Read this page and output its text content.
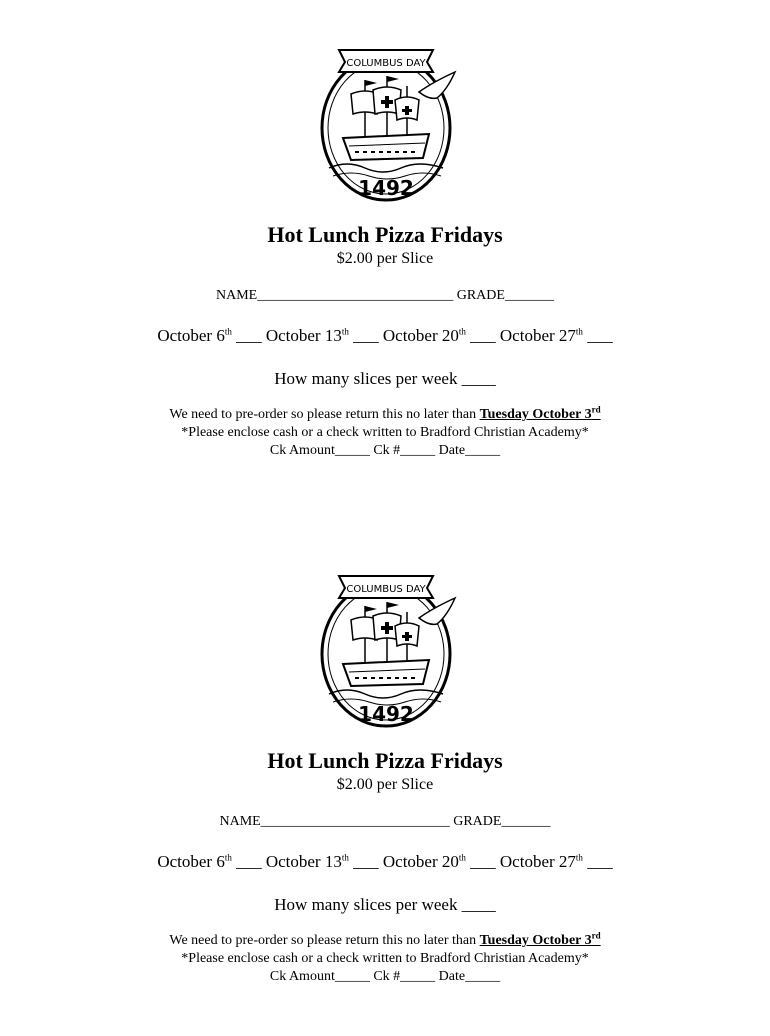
COLUMBUS DAY
1492
Hot Lunch Pizza Fridays
$2.00 per Slice
NAME____________________________ GRADE_______
October 6th ___ October 13th ___ October 20th ___ October 27th ___
How many slices per week ____
We need to pre-order so please return this no later than Tuesday October 3rd
*Please enclose cash or a check written to Bradford Christian Academy*
Ck Amount_____ Ck #_____ Date_____
COLUMBUS DAY
1492
Hot Lunch Pizza Fridays
$2.00 per Slice
NAME___________________________ GRADE_______
October 6th ___ October 13th ___ October 20th ___ October 27th ___
How many slices per week ____
We need to pre-order so please return this no later than Tuesday October 3rd
*Please enclose cash or a check written to Bradford Christian Academy*
Ck Amount_____ Ck #_____ Date_____
